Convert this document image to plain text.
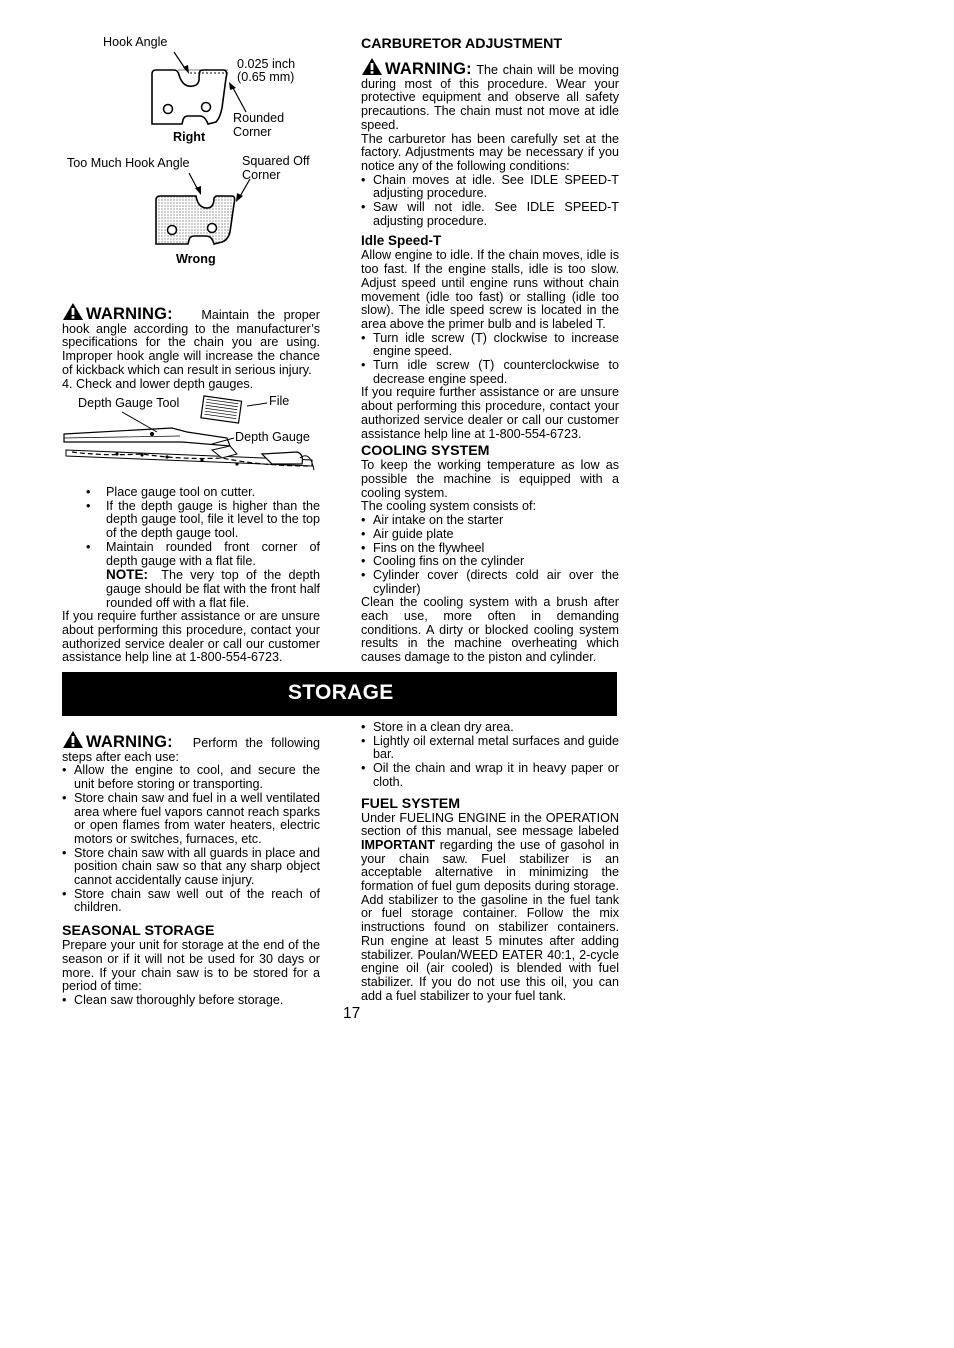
Hook Angle
0.025 inch
(0.65 mm)
Rounded
Corner
Right
Too Much Hook Angle	Squared Off
Corner
Wrong

WARNING: Maintain the proper hook angle according to the manufacturer’s specifications for the chain you are using. Improper hook angle will increase the chance of kickback which can result in serious injury.

4. Check and lower depth gauges.

Depth Gauge Tool	File
Depth Gauge
• Place gauge tool on cutter.
• If the depth gauge is higher than the depth gauge tool, file it level to the top of the depth gauge tool.
• Maintain rounded front corner of depth gauge with a flat file.

NOTE: The very top of the depth gauge should be flat with the front half rounded off with a flat file.

If you require further assistance or are unsure about performing this procedure, contact your authorized service dealer or call our customer assistance help line at 1-800-554-6723.

CARBURETOR ADJUSTMENT

WARNING: The chain will be moving during most of this procedure. Wear your protective equipment and observe all safety precautions. The chain must not move at idle speed.

The carburetor has been carefully set at the factory. Adjustments may be necessary if you notice any of the following conditions:

• Chain moves at idle. See IDLE SPEED-T adjusting procedure.
• Saw will not idle. See IDLE SPEED-T adjusting procedure.

Idle Speed-T

Allow engine to idle. If the chain moves, idle is too fast. If the engine stalls, idle is too slow. Adjust speed until engine runs without chain movement (idle too fast) or stalling (idle too slow). The idle speed screw is located in the area above the primer bulb and is labeled T.

• Turn idle screw (T) clockwise to increase engine speed.
• Turn idle screw (T) counterclockwise to decrease engine speed.

If you require further assistance or are unsure about performing this procedure, contact your authorized service dealer or call our customer assistance help line at 1-800-554-6723.

COOLING SYSTEM

To keep the working temperature as low as possible the machine is equipped with a cooling system.

The cooling system consists of:

• Air intake on the starter
• Air guide plate
• Fins on the flywheel
• Cooling fins on the cylinder
• Cylinder cover (directs cold air over the cylinder)

Clean the cooling system with a brush after each use, more often in demanding conditions. A dirty or blocked cooling system results in the machine overheating which causes damage to the piston and cylinder.

STORAGE

WARNING: Perform the following steps after each use:

• Allow the engine to cool, and secure the unit before storing or transporting.
• Store chain saw and fuel in a well ventilated area where fuel vapors cannot reach sparks or open flames from water heaters, electric motors or switches, furnaces, etc.
• Store chain saw with all guards in place and position chain saw so that any sharp object cannot accidentally cause injury.
• Store chain saw well out of the reach of children.

SEASONAL STORAGE

Prepare your unit for storage at the end of the season or if it will not be used for 30 days or more. If your chain saw is to be stored for a period of time:

• Clean saw thoroughly before storage.
• Store in a clean dry area.
• Lightly oil external metal surfaces and guide bar.
• Oil the chain and wrap it in heavy paper or cloth.

FUEL SYSTEM

Under FUELING ENGINE in the OPERATION section of this manual, see message labeled IMPORTANT regarding the use of gasohol in your chain saw. Fuel stabilizer is an acceptable alternative in minimizing the formation of fuel gum deposits during storage. Add stabilizer to the gasoline in the fuel tank or fuel storage container. Follow the mix instructions found on stabilizer containers. Run engine at least 5 minutes after adding stabilizer. Poulan/WEED EATER 40:1, 2-cycle engine oil (air cooled) is blended with fuel stabilizer. If you do not use this oil, you can add a fuel stabilizer to your fuel tank.

17
